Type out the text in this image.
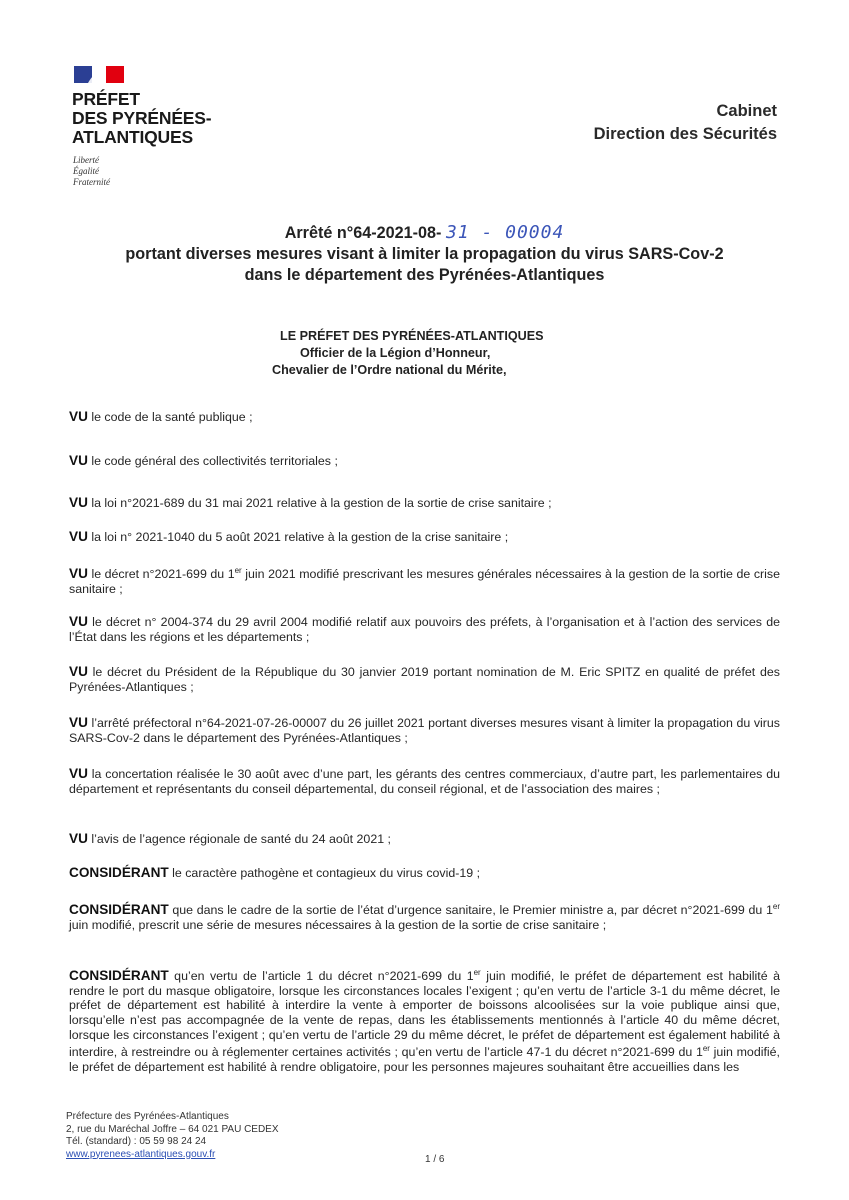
PRÉFET
DES PYRÉNÉES-
ATLANTIQUES
Liberté
Égalité
Fraternité
Cabinet
Direction des Sécurités
Arrêté n°64-2021-08- 31 - 00004
portant diverses mesures visant à limiter la propagation du virus SARS-Cov-2
dans le département des Pyrénées-Atlantiques
LE PRÉFET DES PYRÉNÉES-ATLANTIQUES
Officier de la Légion d’Honneur,
Chevalier de l’Ordre national du Mérite,
VU le code de la santé publique ;
VU le code général des collectivités territoriales ;
VU la loi n°2021-689 du 31 mai 2021 relative à la gestion de la sortie de crise sanitaire ;
VU la loi n° 2021-1040 du 5 août 2021 relative à la gestion de la crise sanitaire ;
VU le décret n°2021-699 du 1er juin 2021 modifié prescrivant les mesures générales nécessaires à la gestion de la sortie de crise sanitaire ;
VU le décret n° 2004-374 du 29 avril 2004 modifié relatif aux pouvoirs des préfets, à l’organisation et à l’action des services de l’État dans les régions et les départements ;
VU le décret du Président de la République du 30 janvier 2019 portant nomination de M. Eric SPITZ en qualité de préfet des Pyrénées-Atlantiques ;
VU l’arrêté préfectoral n°64-2021-07-26-00007 du 26 juillet 2021 portant diverses mesures visant à limiter la propagation du virus SARS-Cov-2 dans le département des Pyrénées-Atlantiques ;
VU la concertation réalisée le 30 août avec d’une part, les gérants des centres commerciaux, d’autre part, les parlementaires du département et représentants du conseil départemental, du conseil régional, et de l’association des maires ;
VU l’avis de l’agence régionale de santé du 24 août 2021 ;
CONSIDÉRANT le caractère pathogène et contagieux du virus covid-19 ;
CONSIDÉRANT que dans le cadre de la sortie de l’état d’urgence sanitaire, le Premier ministre a, par décret n°2021-699 du 1er juin modifié, prescrit une série de mesures nécessaires à la gestion de la sortie de crise sanitaire ;
CONSIDÉRANT qu’en vertu de l’article 1 du décret n°2021-699 du 1er juin modifié, le préfet de département est habilité à rendre le port du masque obligatoire, lorsque les circonstances locales l’exigent ; qu’en vertu de l’article 3-1 du même décret, le préfet de département est habilité à interdire la vente à emporter de boissons alcoolisées sur la voie publique ainsi que, lorsqu’elle n’est pas accompagnée de la vente de repas, dans les établissements mentionnés à l’article 40 du même décret, lorsque les circonstances l’exigent ; qu’en vertu de l’article 29 du même décret, le préfet de département est également habilité à interdire, à restreindre ou à réglementer certaines activités ; qu’en vertu de l’article 47-1 du décret n°2021-699 du 1er juin modifié, le préfet de département est habilité à rendre obligatoire, pour les personnes majeures souhaitant être accueillies dans les
Préfecture des Pyrénées-Atlantiques
2, rue du Maréchal Joffre – 64 021 PAU CEDEX
Tél. (standard) : 05 59 98 24 24
www.pyrenees-atlantiques.gouv.fr	1 / 6
